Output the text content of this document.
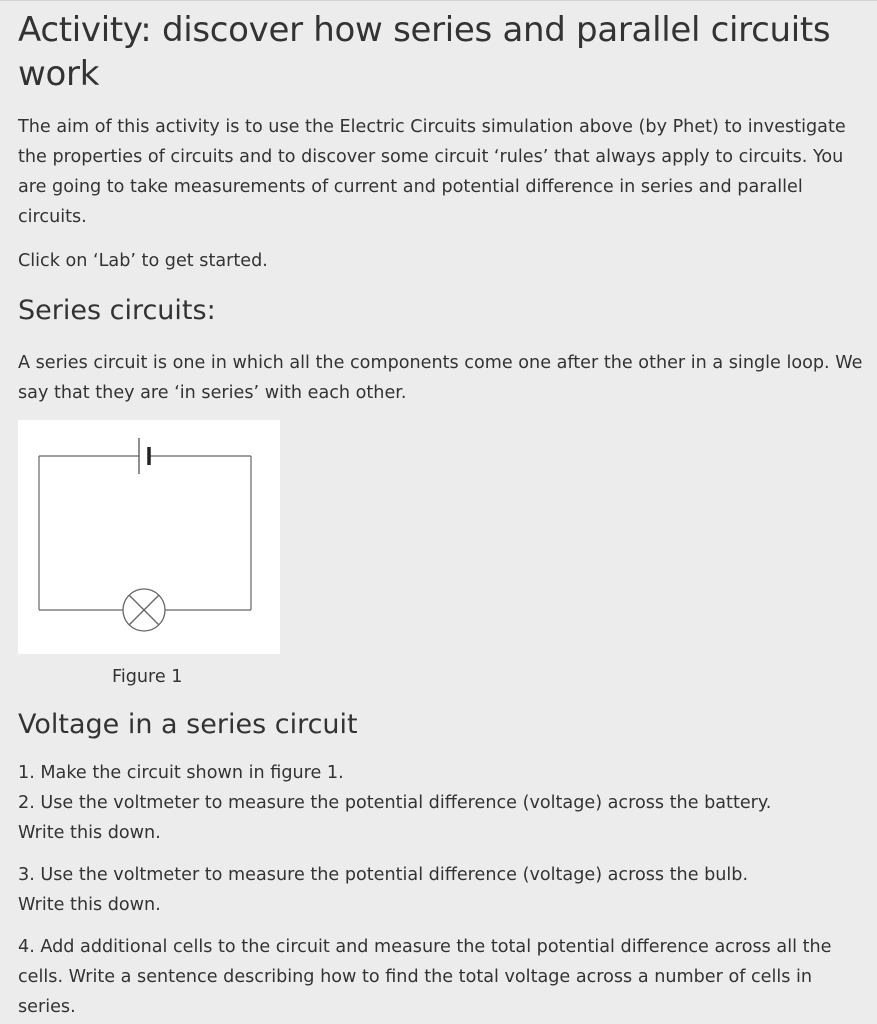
Activity: discover how series and parallel circuits work

The aim of this activity is to use the Electric Circuits simulation above (by Phet) to investigate the properties of circuits and to discover some circuit ‘rules’ that always apply to circuits. You are going to take measurements of current and potential difference in series and parallel circuits.

Click on ‘Lab’ to get started.

Series circuits:

A series circuit is one in which all the components come one after the other in a single loop. We say that they are ‘in series’ with each other.

Figure 1
Voltage in a series circuit

1. Make the circuit shown in figure 1.

2. Use the voltmeter to measure the potential difference (voltage) across the battery.

Write this down.

3. Use the voltmeter to measure the potential difference (voltage) across the bulb.

Write this down.

4. Add additional cells to the circuit and measure the total potential difference across all the cells. Write a sentence describing how to find the total voltage across a number of cells in series.
